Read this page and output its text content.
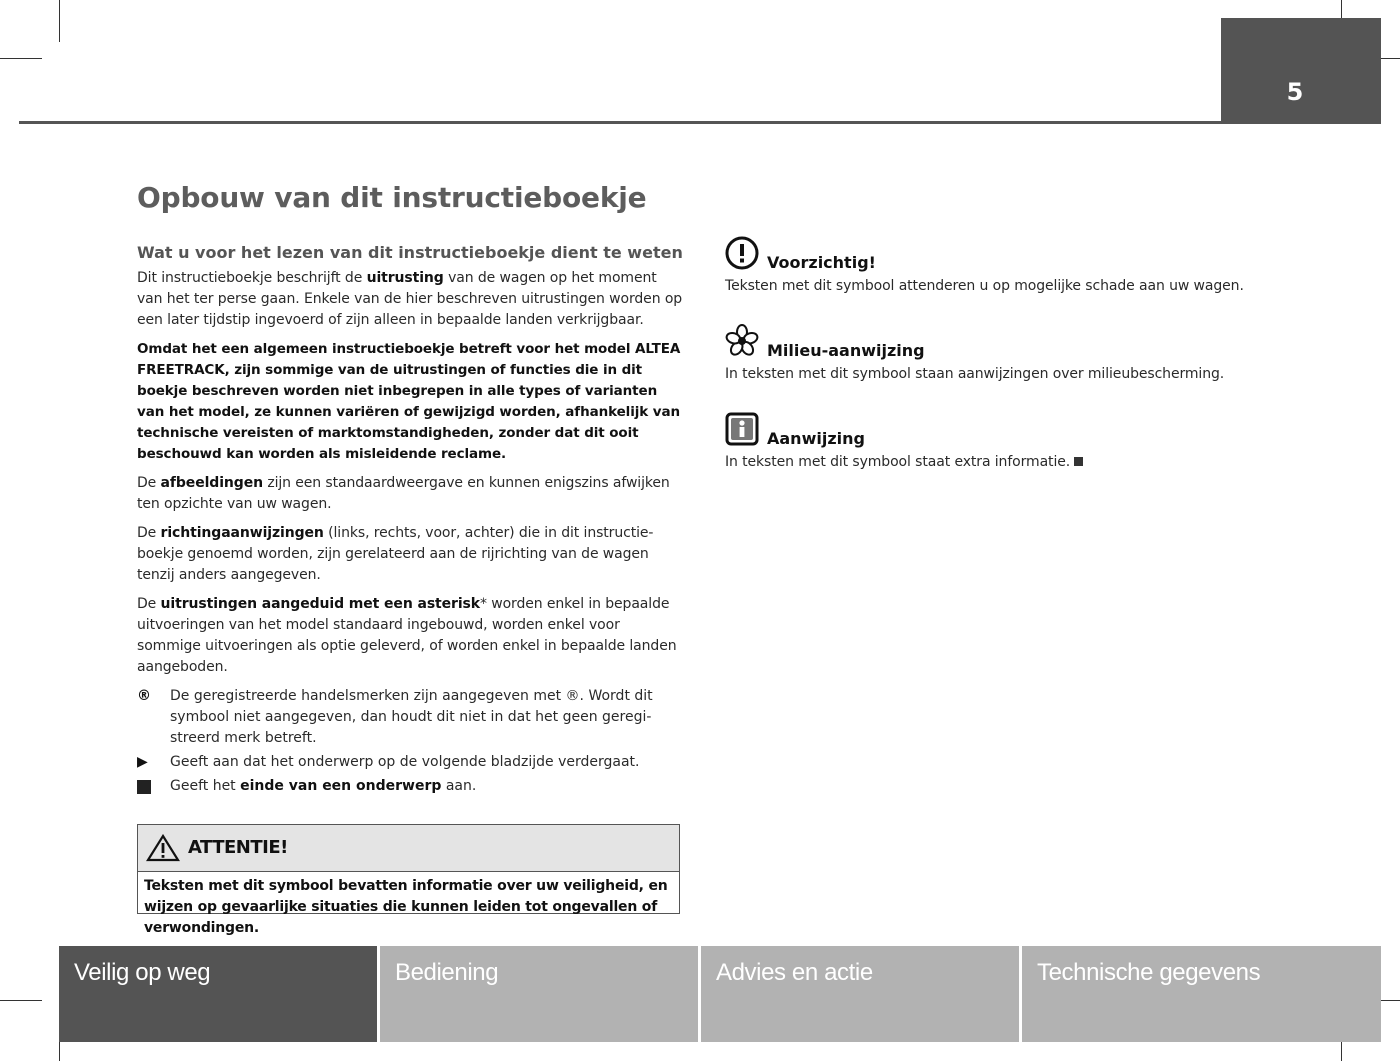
5
Opbouw van dit instructieboekje
Wat u voor het lezen van dit instructieboekje dient te weten

Dit instructieboekje beschrijft de uitrusting van de wagen op het moment van het ter perse gaan. Enkele van de hier beschreven uitrustingen worden op een later tijdstip ingevoerd of zijn alleen in bepaalde landen verkrijgbaar.

Omdat het een algemeen instructieboekje betreft voor het model ALTEA FREETRACK, zijn sommige van de uitrustingen of functies die in dit boekje beschreven worden niet inbegrepen in alle types of varianten van het model, ze kunnen variëren of gewijzigd worden, afhankelijk van technische vereisten of marktomstandigheden, zonder dat dit ooit beschouwd kan worden als misleidende reclame.

De afbeeldingen zijn een standaardweergave en kunnen enigszins afwijken ten opzichte van uw wagen.

De richtingaanwijzingen (links, rechts, voor, achter) die in dit instructie-boekje genoemd worden, zijn gerelateerd aan de rijrichting van de wagen tenzij anders aangegeven.

De uitrustingen aangeduid met een asterisk* worden enkel in bepaalde uitvoeringen van het model standaard ingebouwd, worden enkel voor sommige uitvoeringen als optie geleverd, of worden enkel in bepaalde landen aangeboden.

®	De geregistreerde handelsmerken zijn aangegeven met ®. Wordt dit symbool niet aangegeven, dan houdt dit niet in dat het geen geregi-streerd merk betreft.
▶	Geeft aan dat het onderwerp op de volgende bladzijde verdergaat.
Geeft het einde van een onderwerp aan.
ATTENTIE!
Teksten met dit symbool bevatten informatie over uw veiligheid, en wijzen op gevaarlijke situaties die kunnen leiden tot ongevallen of verwondingen.
Voorzichtig!

Teksten met dit symbool attenderen u op mogelijke schade aan uw wagen.

Milieu-aanwijzing

In teksten met dit symbool staan aanwijzingen over milieubescherming.

Aanwijzing

In teksten met dit symbool staat extra informatie.

Veilig op weg	Bediening	Advies en actie	Technische gegevens
